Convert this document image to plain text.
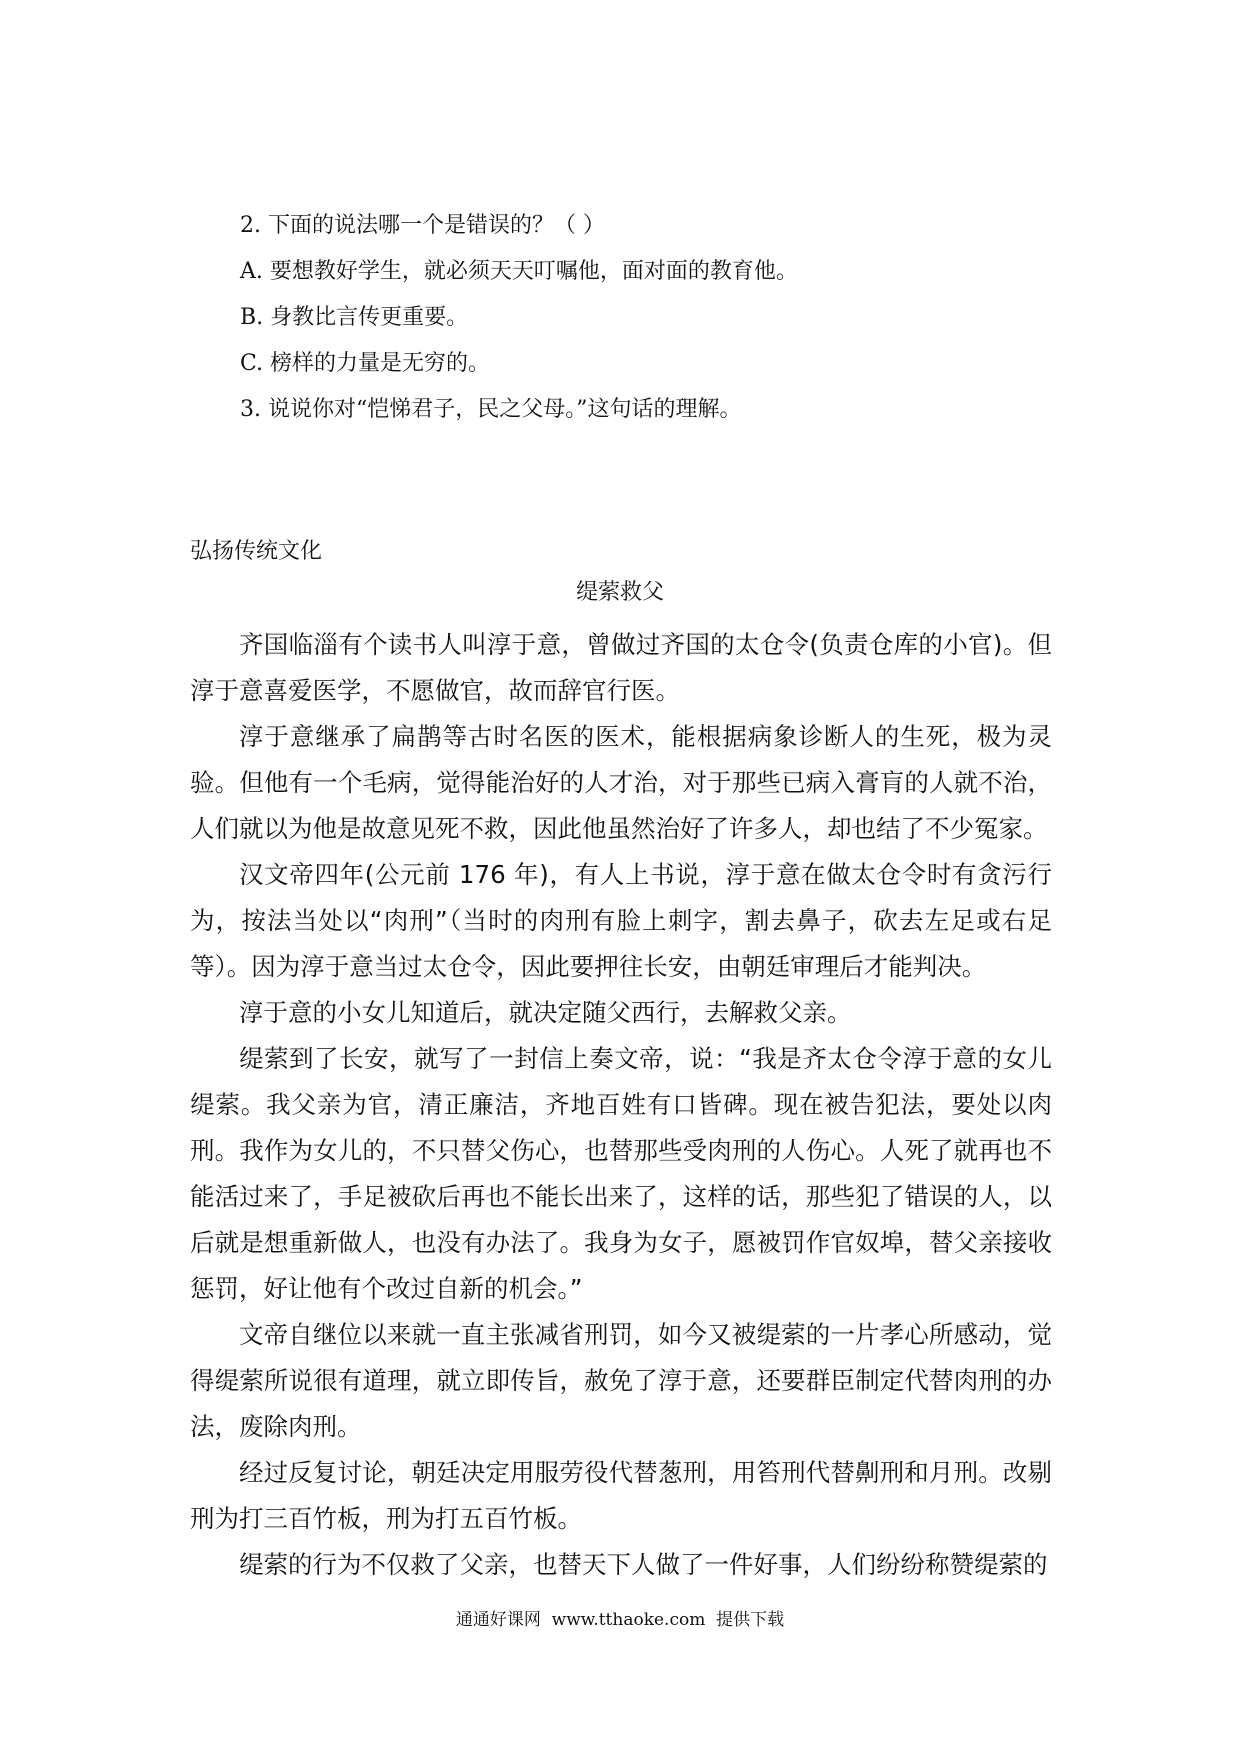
2. 下面的说法哪一个是错误的？（ ）
A. 要想教好学生，就必须天天叮嘱他，面对面的教育他。
B. 身教比言传更重要。
C. 榜样的力量是无穷的。
3. 说说你对“恺悌君子，民之父母。”这句话的理解。
弘扬传统文化
缇萦救父

齐国临淄有个读书人叫淳于意，曾做过齐国的太仓令(负责仓库的小官)。但淳于意喜爱医学，不愿做官，故而辞官行医。

淳于意继承了扁鹊等古时名医的医术，能根据病象诊断人的生死，极为灵验。但他有一个毛病，觉得能治好的人才治，对于那些已病入膏肓的人就不治，人们就以为他是故意见死不救，因此他虽然治好了许多人，却也结了不少冤家。

汉文帝四年(公元前 176 年)，有人上书说，淳于意在做太仓令时有贪污行为，按法当处以“肉刑”（当时的肉刑有脸上刺字，割去鼻子，砍去左足或右足等）。因为淳于意当过太仓令，因此要押往长安，由朝廷审理后才能判决。

淳于意的小女儿知道后，就决定随父西行，去解救父亲。

缇萦到了长安，就写了一封信上奏文帝，说：“我是齐太仓令淳于意的女儿缇萦。我父亲为官，清正廉洁，齐地百姓有口皆碑。现在被告犯法，要处以肉刑。我作为女儿的，不只替父伤心，也替那些受肉刑的人伤心。人死了就再也不能活过来了，手足被砍后再也不能长出来了，这样的话，那些犯了错误的人，以后就是想重新做人，也没有办法了。我身为女子，愿被罚作官奴埠，替父亲接收惩罚，好让他有个改过自新的机会。”

文帝自继位以来就一直主张减省刑罚，如今又被缇萦的一片孝心所感动，觉得缇萦所说很有道理，就立即传旨，赦免了淳于意，还要群臣制定代替肉刑的办法，废除肉刑。

经过反复讨论，朝廷决定用服劳役代替葱刑，用笞刑代替劓刑和月刑。改剔刑为打三百竹板，刑为打五百竹板。

缇萦的行为不仅救了父亲，也替天下人做了一件好事，人们纷纷称赞缇萦的

通通好课网  www.tthaoke.com  提供下载
